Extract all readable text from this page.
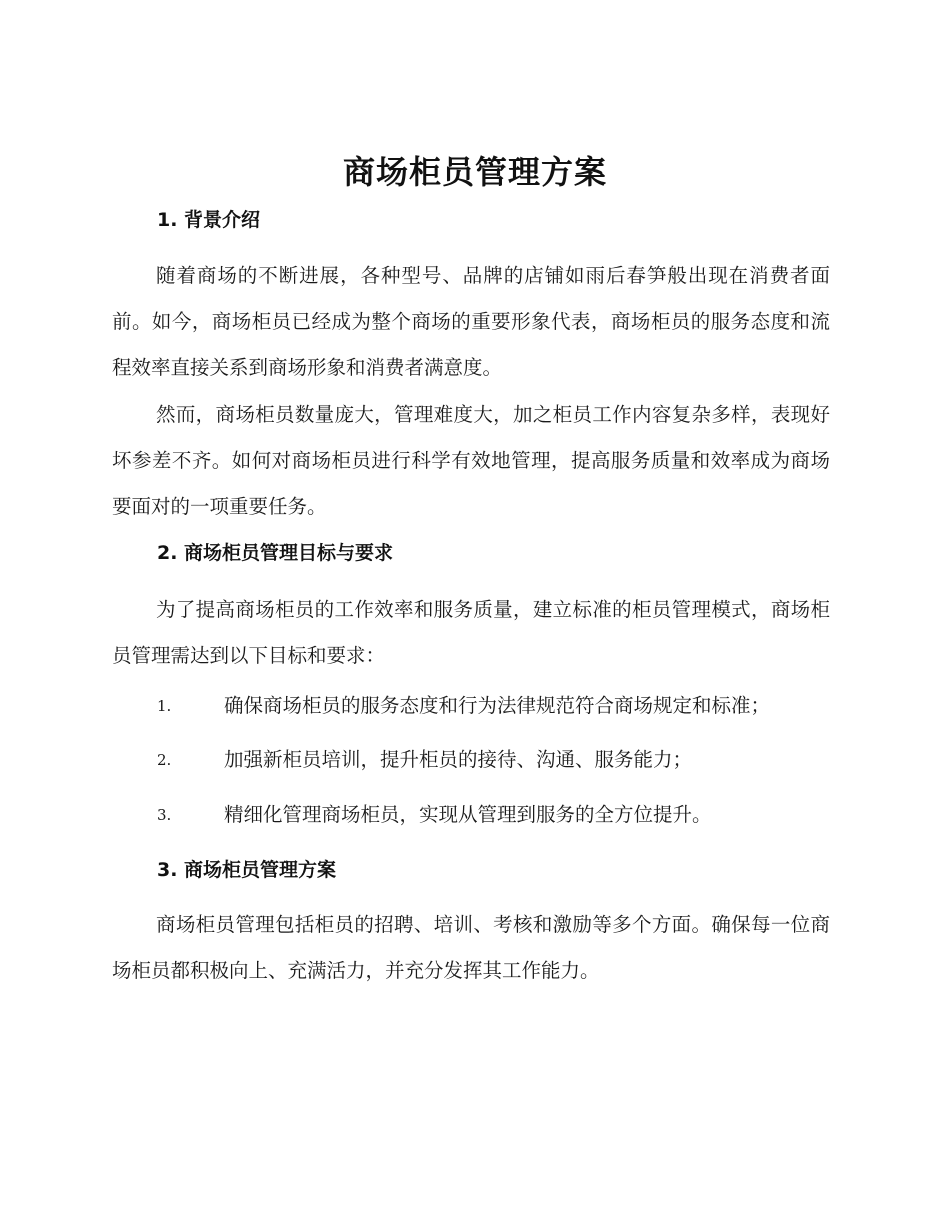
商场柜员管理方案
1. 背景介绍
随着商场的不断进展，各种型号、品牌的店铺如雨后春笋般出现在消费者面前。如今，商场柜员已经成为整个商场的重要形象代表，商场柜员的服务态度和流程效率直接关系到商场形象和消费者满意度。
然而，商场柜员数量庞大，管理难度大，加之柜员工作内容复杂多样，表现好坏参差不齐。如何对商场柜员进行科学有效地管理，提高服务质量和效率成为商场要面对的一项重要任务。
2. 商场柜员管理目标与要求
为了提高商场柜员的工作效率和服务质量，建立标准的柜员管理模式，商场柜员管理需达到以下目标和要求：
1.	确保商场柜员的服务态度和行为法律规范符合商场规定和标准；
2.	加强新柜员培训，提升柜员的接待、沟通、服务能力；
3.	精细化管理商场柜员，实现从管理到服务的全方位提升。
3. 商场柜员管理方案
商场柜员管理包括柜员的招聘、培训、考核和激励等多个方面。确保每一位商场柜员都积极向上、充满活力，并充分发挥其工作能力。
